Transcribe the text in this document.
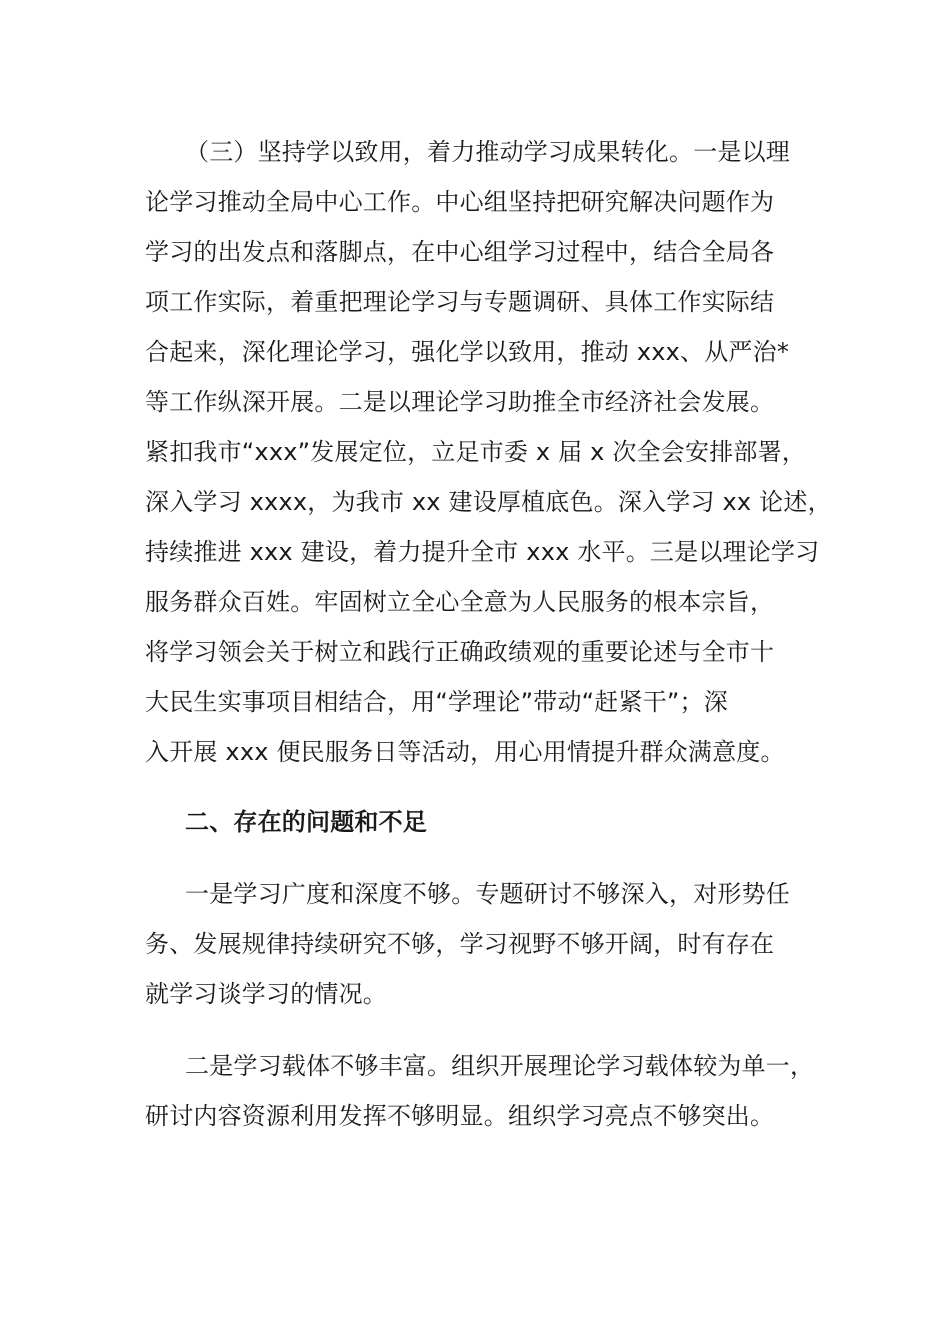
（三）坚持学以致用，着力推动学习成果转化。一是以理
论学习推动全局中心工作。中心组坚持把研究解决问题作为
学习的出发点和落脚点，在中心组学习过程中，结合全局各
项工作实际，着重把理论学习与专题调研、具体工作实际结
合起来，深化理论学习，强化学以致用，推动 xxx、从严治*
等工作纵深开展。二是以理论学习助推全市经济社会发展。
紧扣我市“xxx”发展定位，立足市委 x 届 x 次全会安排部署，
深入学习 xxxx，为我市 xx 建设厚植底色。深入学习 xx 论述，
持续推进 xxx 建设，着力提升全市 xxx 水平。三是以理论学习
服务群众百姓。牢固树立全心全意为人民服务的根本宗旨，
将学习领会关于树立和践行正确政绩观的重要论述与全市十
大民生实事项目相结合，用“学理论”带动“赶紧干”；深
入开展 xxx 便民服务日等活动，用心用情提升群众满意度。
二、存在的问题和不足
一是学习广度和深度不够。专题研讨不够深入，对形势任
务、发展规律持续研究不够，学习视野不够开阔，时有存在
就学习谈学习的情况。
二是学习载体不够丰富。组织开展理论学习载体较为单一，
研讨内容资源利用发挥不够明显。组织学习亮点不够突出。
